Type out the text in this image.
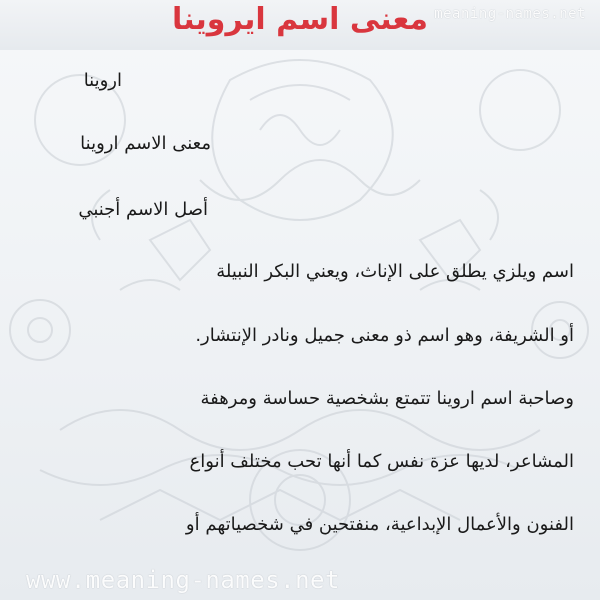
meaning-names.net
معنى اسم ايروينا
اروينا
معنى الاسم اروينا
أصل الاسم أجنبي
اسم ويلزي يطلق على الإناث، ويعني البكر النبيلة
أو الشريفة، وهو اسم ذو معنى جميل ونادر الإنتشار.
وصاحبة اسم اروينا تتمتع بشخصية حساسة ومرهفة
المشاعر، لديها عزة نفس كما أنها تحب مختلف أنواع
الفنون والأعمال الإبداعية، منفتحين في شخصياتهم أو
www.meaning-names.net
